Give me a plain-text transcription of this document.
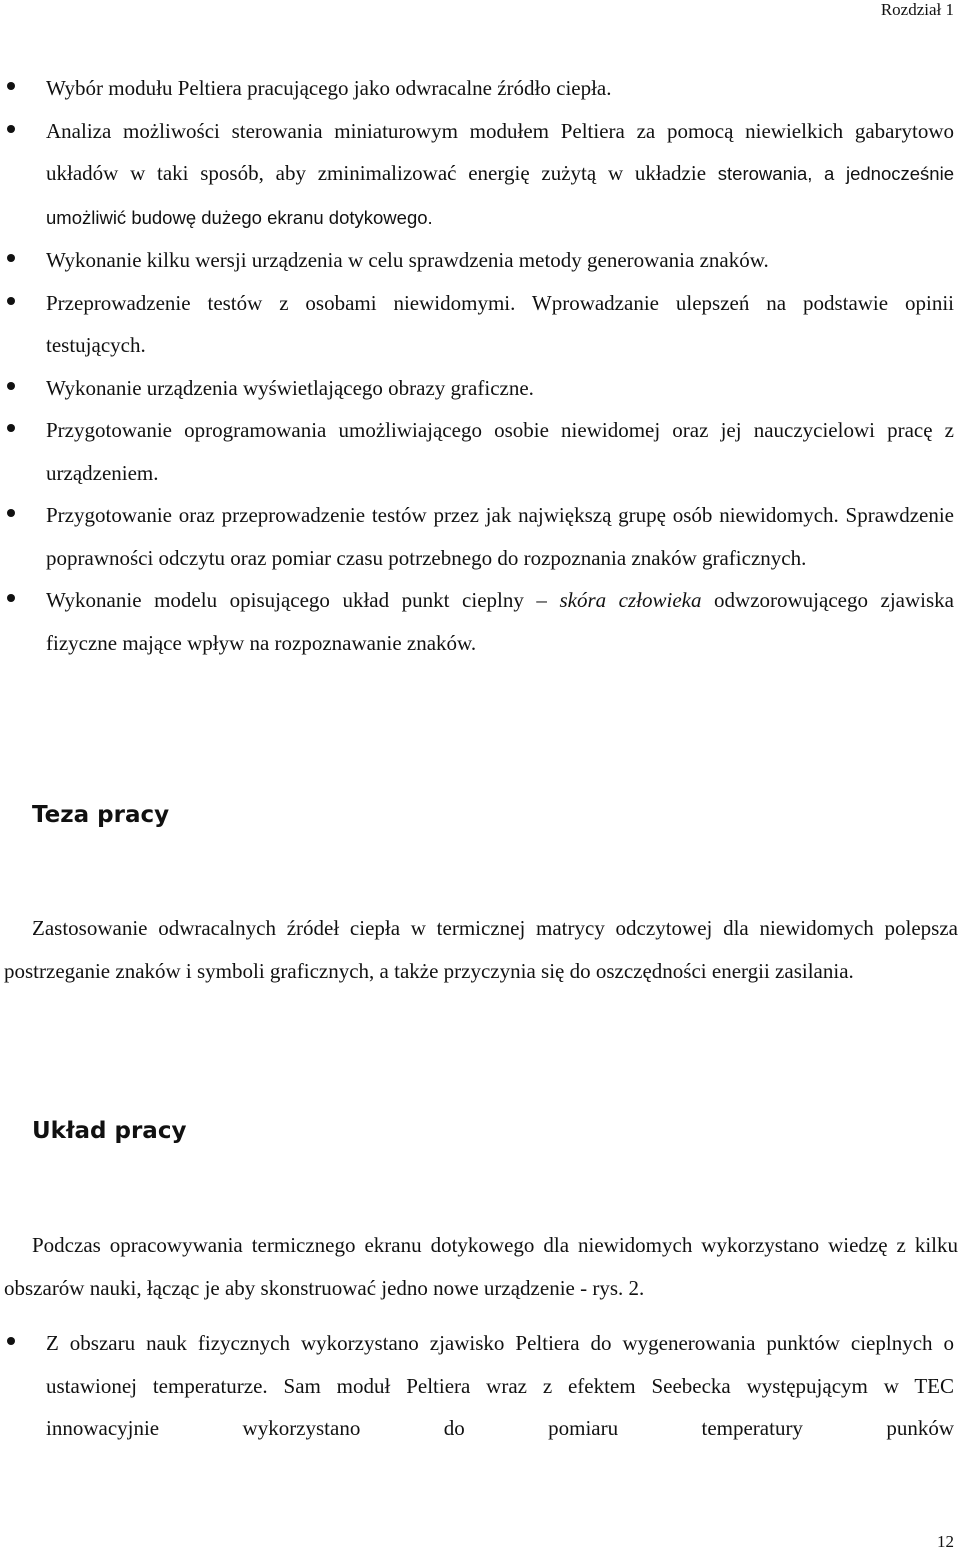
Rozdział 1
Wybór modułu Peltiera pracującego jako odwracalne źródło ciepła.
Analiza możliwości sterowania miniaturowym modułem Peltiera za pomocą niewielkich gabarytowo układów w taki sposób, aby zminimalizować energię zużytą w układzie sterowania, a jednocześnie umożliwić budowę dużego ekranu dotykowego.
Wykonanie kilku wersji urządzenia w celu sprawdzenia metody generowania znaków.
Przeprowadzenie testów z osobami niewidomymi. Wprowadzanie ulepszeń na podstawie opinii testujących.
Wykonanie urządzenia wyświetlającego obrazy graficzne.
Przygotowanie oprogramowania umożliwiającego osobie niewidomej oraz jej nauczycielowi pracę z urządzeniem.
Przygotowanie oraz przeprowadzenie testów przez jak największą grupę osób niewidomych. Sprawdzenie poprawności odczytu oraz pomiar czasu potrzebnego do rozpoznania znaków graficznych.
Wykonanie modelu opisującego układ punkt cieplny – skóra człowieka odwzorowującego zjawiska fizyczne mające wpływ na rozpoznawanie znaków.
Teza pracy
Zastosowanie odwracalnych źródeł ciepła w termicznej matrycy odczytowej dla niewidomych polepsza postrzeganie znaków i symboli graficznych, a także przyczynia się do oszczędności energii zasilania.
Układ pracy
Podczas opracowywania termicznego ekranu dotykowego dla niewidomych wykorzystano wiedzę z kilku obszarów nauki, łącząc je aby skonstruować jedno nowe urządzenie - rys. 2.
Z obszaru nauk fizycznych wykorzystano zjawisko Peltiera do wygenerowania punktów cieplnych o ustawionej temperaturze. Sam moduł Peltiera wraz z efektem Seebecka występującym w TEC innowacyjnie wykorzystano do pomiaru temperatury punków
12
